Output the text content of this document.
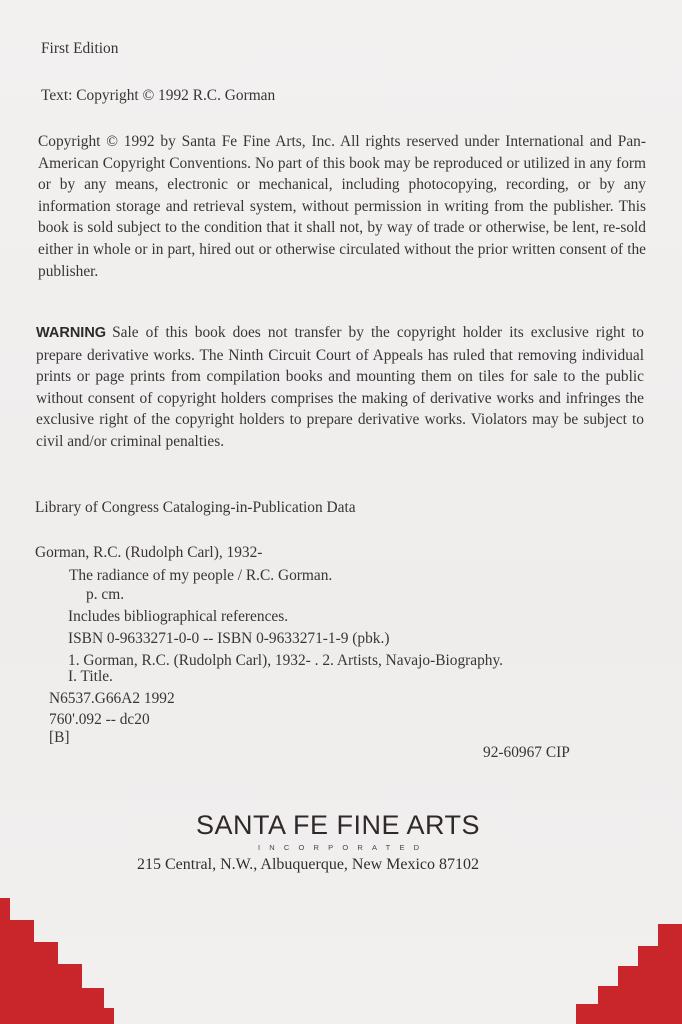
First Edition
Text: Copyright © 1992 R.C. Gorman
Copyright © 1992 by Santa Fe Fine Arts, Inc. All rights reserved under International and Pan-American Copyright Conventions. No part of this book may be reproduced or utilized in any form or by any means, electronic or mechanical, including photocopying, recording, or by any information storage and retrieval system, without permission in writing from the publisher. This book is sold subject to the condition that it shall not, by way of trade or otherwise, be lent, re-sold either in whole or in part, hired out or otherwise circulated without the prior written consent of the publisher.
WARNING Sale of this book does not transfer by the copyright holder its exclusive right to prepare derivative works. The Ninth Circuit Court of Appeals has ruled that removing individual prints or page prints from compilation books and mounting them on tiles for sale to the public without consent of copyright holders comprises the making of derivative works and infringes the exclusive right of the copyright holders to prepare derivative works. Violators may be subject to civil and/or criminal penalties.
Library of Congress Cataloging-in-Publication Data
Gorman, R.C. (Rudolph Carl), 1932-
The radiance of my people / R.C. Gorman.
p. cm.
Includes bibliographical references.
ISBN 0-9633271-0-0 -- ISBN 0-9633271-1-9 (pbk.)
1. Gorman, R.C. (Rudolph Carl), 1932- . 2. Artists, Navajo-Biography.
I. Title.
N6537.G66A2 1992
760'.092 -- dc20
[B]
92-60967 CIP
SANTA FE FINE ARTS
INCORPORATED
215 Central, N.W., Albuquerque, New Mexico 87102
